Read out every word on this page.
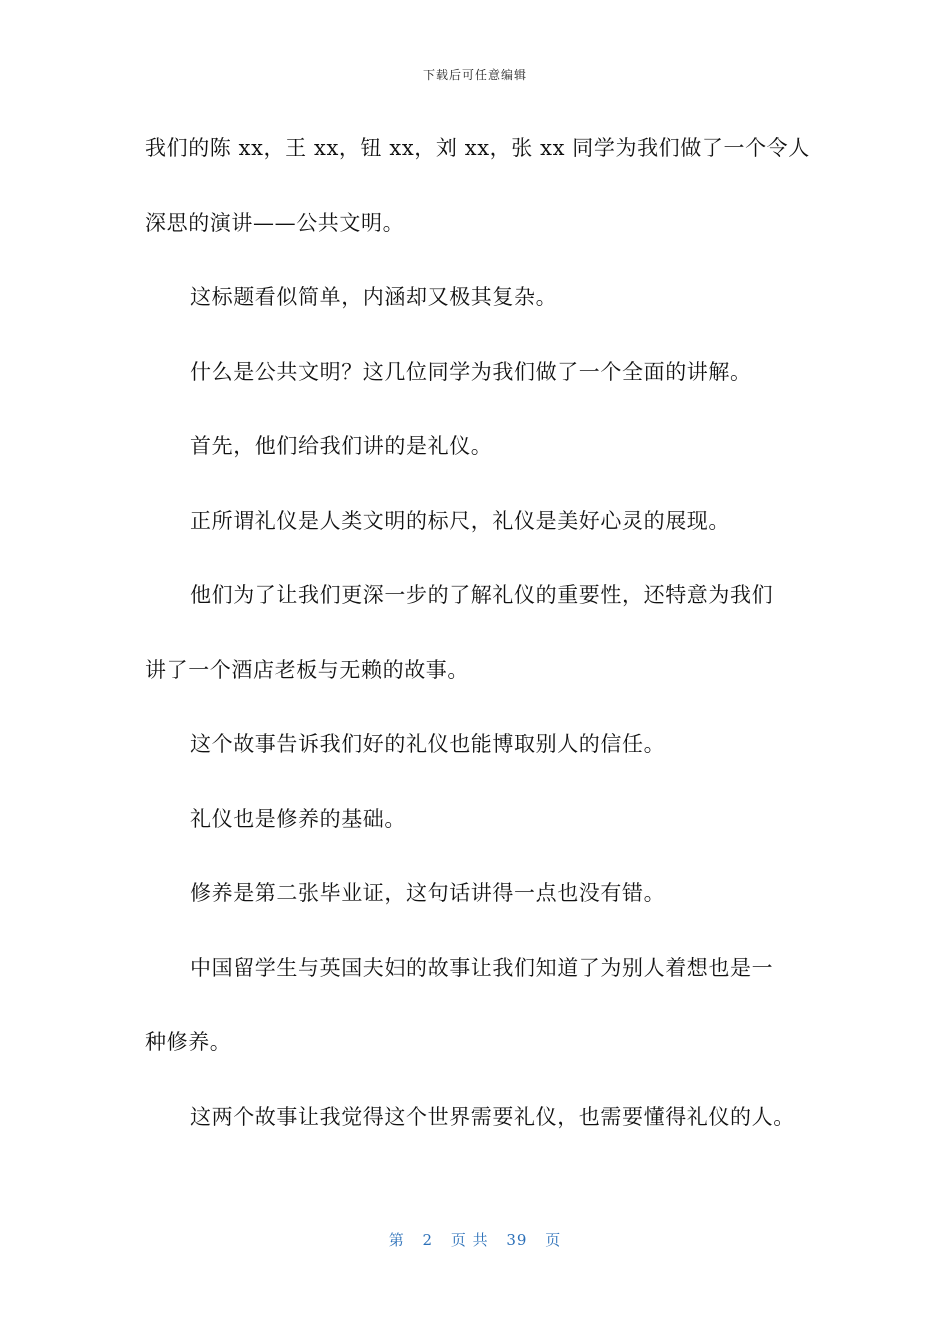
下载后可任意编辑
我们的陈 xx，王 xx，钮 xx，刘 xx，张 xx 同学为我们做了一个令人
深思的演讲——公共文明。
这标题看似简单，内涵却又极其复杂。
什么是公共文明？这几位同学为我们做了一个全面的讲解。
首先，他们给我们讲的是礼仪。
正所谓礼仪是人类文明的标尺，礼仪是美好心灵的展现。
他们为了让我们更深一步的了解礼仪的重要性，还特意为我们
讲了一个酒店老板与无赖的故事。
这个故事告诉我们好的礼仪也能博取别人的信任。
礼仪也是修养的基础。
修养是第二张毕业证，这句话讲得一点也没有错。
中国留学生与英国夫妇的故事让我们知道了为别人着想也是一
种修养。
这两个故事让我觉得这个世界需要礼仪，也需要懂得礼仪的人。
第 2 页 共 39 页
